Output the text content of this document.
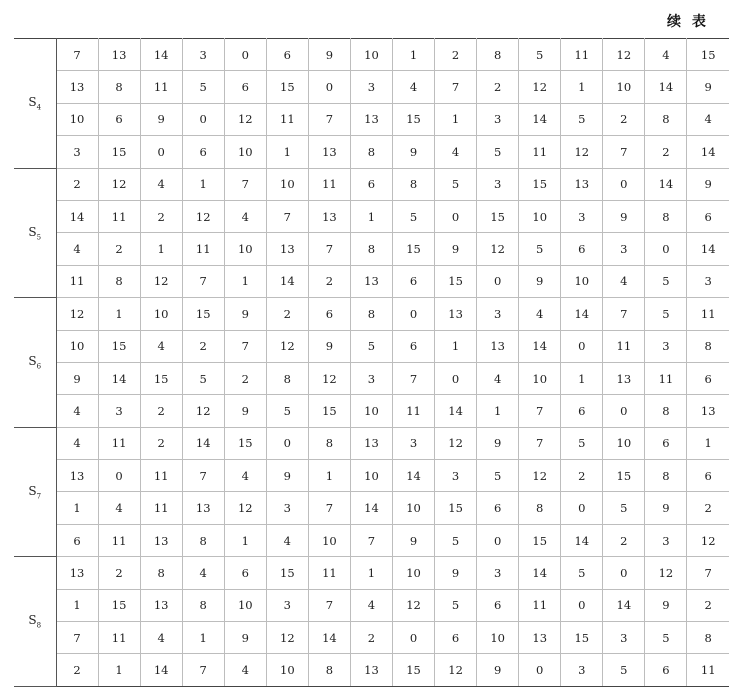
续 表
$S_4$	7	13	14	3	0	6	9	10	1	2	8	5	11	12	4	15
	13	8	11	5	6	15	0	3	4	7	2	12	1	10	14	9
	10	6	9	0	12	11	7	13	15	1	3	14	5	2	8	4
	3	15	0	6	10	1	13	8	9	4	5	11	12	7	2	14
$S_5$	2	12	4	1	7	10	11	6	8	5	3	15	13	0	14	9
	14	11	2	12	4	7	13	1	5	0	15	10	3	9	8	6
	4	2	1	11	10	13	7	8	15	9	12	5	6	3	0	14
	11	8	12	7	1	14	2	13	6	15	0	9	10	4	5	3
$S_6$	12	1	10	15	9	2	6	8	0	13	3	4	14	7	5	11
	10	15	4	2	7	12	9	5	6	1	13	14	0	11	3	8
	9	14	15	5	2	8	12	3	7	0	4	10	1	13	11	6
	4	3	2	12	9	5	15	10	11	14	1	7	6	0	8	13
$S_7$	4	11	2	14	15	0	8	13	3	12	9	7	5	10	6	1
	13	0	11	7	4	9	1	10	14	3	5	12	2	15	8	6
	1	4	11	13	12	3	7	14	10	15	6	8	0	5	9	2
	6	11	13	8	1	4	10	7	9	5	0	15	14	2	3	12
$S_8$	13	2	8	4	6	15	11	1	10	9	3	14	5	0	12	7
	1	15	13	8	10	3	7	4	12	5	6	11	0	14	9	2
	7	11	4	1	9	12	14	2	0	6	10	13	15	3	5	8
	2	1	14	7	4	10	8	13	15	12	9	0	3	5	6	11
